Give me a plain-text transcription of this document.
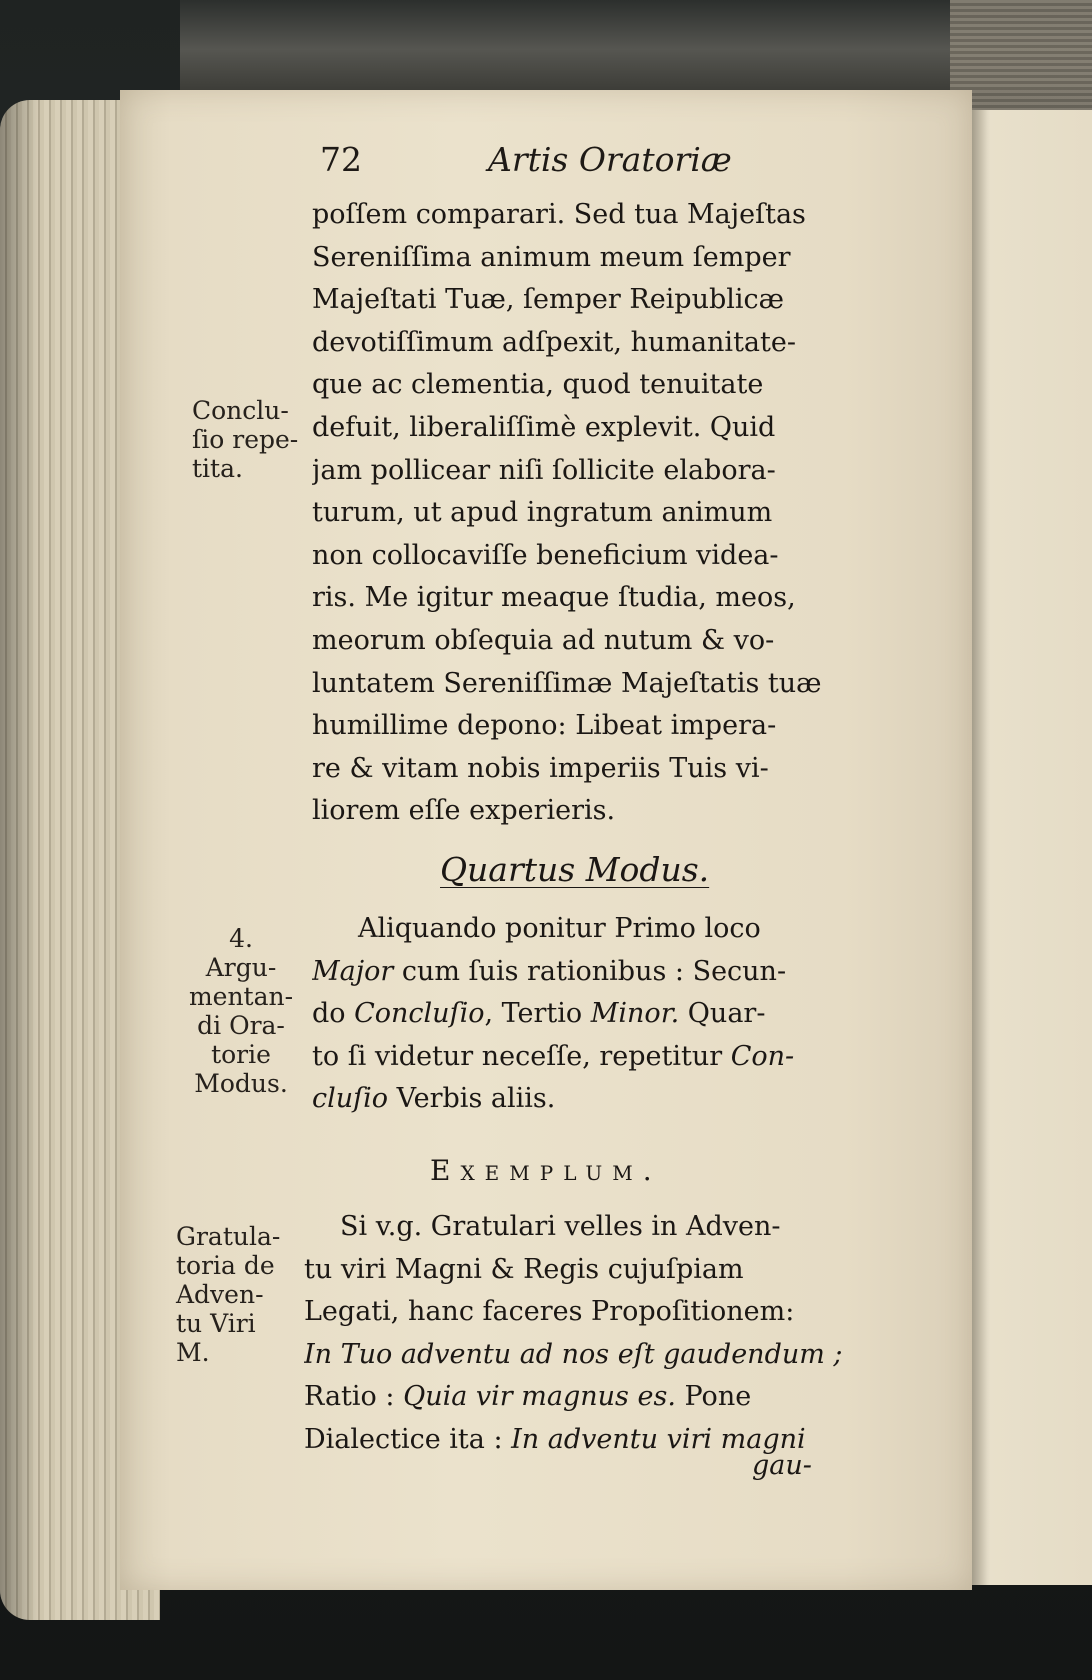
72	Artis Oratoriæ
poſſem comparari. Sed tua Majeſtas
Sereniſſima animum meum ſemper
Majeſtati Tuæ, ſemper Reipublicæ
devotiſſimum adſpexit, humanitate-
que ac clementia, quod tenuitate
defuit, liberaliſſimè explevit. Quid
jam pollicear niſi ſollicite elabora-
turum, ut apud ingratum animum
non collocaviſſe beneficium videa-
ris. Me igitur meaque ſtudia, meos,
meorum obſequia ad nutum & vo-
luntatem Sereniſſimæ Majeſtatis tuæ
humillime depono: Libeat impera-
re & vitam nobis imperiis Tuis vi-
liorem eſſe experieris.
Conclu-
ſio repe-
tita.
Quartus Modus.
4.
Argu-
mentan-
di Ora-
torie
Modus.
Aliquando ponitur Primo loco
Major cum ſuis rationibus : Secun-
do Concluſio, Tertio Minor. Quar-
to ſi videtur neceſſe, repetitur Con-
cluſio Verbis aliis.
Exemplum.
Gratula-
toria de
Adven-
tu Viri
M.
Si v.g. Gratulari velles in Adven-
tu viri Magni & Regis cujuſpiam
Legati, hanc faceres Propoſitionem:
In Tuo adventu ad nos eſt gaudendum ;
Ratio : Quia vir magnus es. Pone
Dialectice ita : In adventu viri magni
gau-
